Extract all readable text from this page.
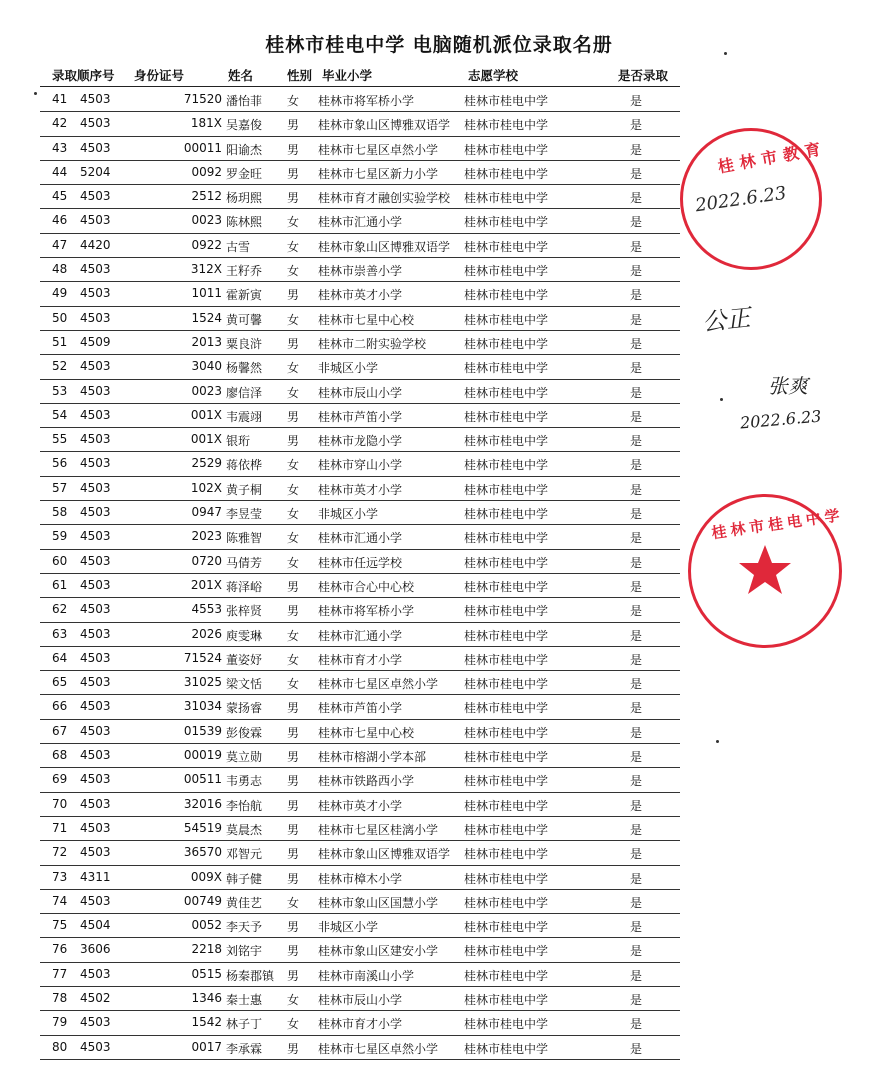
桂林市桂电中学 电脑随机派位录取名册
录取顺序号 身份证号	姓名	性别 毕业小学	志愿学校	是否录取
41	4503	71520 潘怡菲	女	桂林市将军桥小学	桂林市桂电中学	是
42	4503	181X 吴嘉俊	男	桂林市象山区博雅双语学	桂林市桂电中学	是
43	4503	00011 阳谕杰	男	桂林市七星区卓然小学	桂林市桂电中学	是
44	5204	0092 罗金旺	男	桂林市七星区新力小学	桂林市桂电中学	是
45	4503	2512 杨玥熙	男	桂林市育才融创实验学校	桂林市桂电中学	是
46	4503	0023 陈林熙	女	桂林市汇通小学	桂林市桂电中学	是
47	4420	0922 古雪	女	桂林市象山区博雅双语学	桂林市桂电中学	是
48	4503	312X 王籽乔	女	桂林市崇善小学	桂林市桂电中学	是
49	4503	1011 霍新寅	男	桂林市英才小学	桂林市桂电中学	是
50	4503	1524 黄可馨	女	桂林市七星中心校	桂林市桂电中学	是
51	4509	2013 粟良浒	男	桂林市二附实验学校	桂林市桂电中学	是
52	4503	3040 杨馨然	女	非城区小学	桂林市桂电中学	是
53	4503	0023 廖信泽	女	桂林市辰山小学	桂林市桂电中学	是
54	4503	001X 韦震翊	男	桂林市芦笛小学	桂林市桂电中学	是
55	4503	001X 银珩	男	桂林市龙隐小学	桂林市桂电中学	是
56	4503	2529 蒋依桦	女	桂林市穿山小学	桂林市桂电中学	是
57	4503	102X 黄子桐	女	桂林市英才小学	桂林市桂电中学	是
58	4503	0947 李昱莹	女	非城区小学	桂林市桂电中学	是
59	4503	2023 陈雅智	女	桂林市汇通小学	桂林市桂电中学	是
60	4503	0720 马倩芳	女	桂林市任远学校	桂林市桂电中学	是
61	4503	201X 蒋泽峪	男	桂林市合心中心校	桂林市桂电中学	是
62	4503	4553 张梓贤	男	桂林市将军桥小学	桂林市桂电中学	是
63	4503	2026 庾雯琳	女	桂林市汇通小学	桂林市桂电中学	是
64	4503	71524 董姿妤	女	桂林市育才小学	桂林市桂电中学	是
65	4503	31025 梁文恬	女	桂林市七星区卓然小学	桂林市桂电中学	是
66	4503	31034 蒙扬睿	男	桂林市芦笛小学	桂林市桂电中学	是
67	4503	01539 彭俊霖	男	桂林市七星中心校	桂林市桂电中学	是
68	4503	00019 莫立勋	男	桂林市榕湖小学本部	桂林市桂电中学	是
69	4503	00511 韦勇志	男	桂林市铁路西小学	桂林市桂电中学	是
70	4503	32016 李怡航	男	桂林市英才小学	桂林市桂电中学	是
71	4503	54519 莫晨杰	男	桂林市七星区桂漓小学	桂林市桂电中学	是
72	4503	36570 邓智元	男	桂林市象山区博雅双语学	桂林市桂电中学	是
73	4311	009X 韩子健	男	桂林市樟木小学	桂林市桂电中学	是
74	4503	00749 黄佳艺	女	桂林市象山区国慧小学	桂林市桂电中学	是
75	4504	0052 李天予	男	非城区小学	桂林市桂电中学	是
76	3606	2218 刘铭宇	男	桂林市象山区建安小学	桂林市桂电中学	是
77	4503	0515 杨秦郡镇	男	桂林市南溪山小学	桂林市桂电中学	是
78	4502	1346 秦士惠	女	桂林市辰山小学	桂林市桂电中学	是
79	4503	1542 林子丁	女	桂林市育才小学	桂林市桂电中学	是
80	4503	0017 李承霖	男	桂林市七星区卓然小学	桂林市桂电中学	是
桂林市教育
2022.6.23
公正
张爽
2022.6.23
桂林市桂电中学
